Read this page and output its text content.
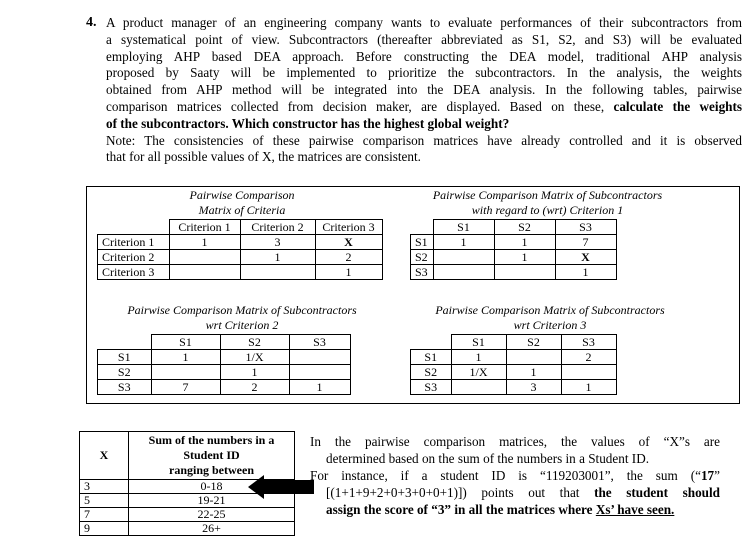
4. A product manager of an engineering company wants to evaluate performances of their subcontractors from

a systematical point of view. Subcontractors (thereafter abbreviated as S1, S2, and S3) will be evaluated

employing AHP based DEA approach. Before constructing the DEA model, traditional AHP analysis

proposed by Saaty will be implemented to prioritize the subcontractors. In the analysis, the weights

obtained from AHP method will be integrated into the DEA analysis. In the following tables, pairwise

comparison matrices collected from decision maker, are displayed. Based on these, calculate the weights

of the subcontractors. Which constructor has the highest global weight?

Note: The consistencies of these pairwise comparison matrices have already controlled and it is observed

that for all possible values of X, the matrices are consistent.

Pairwise Comparison
Matrix of Criteria
	Criterion 1	Criterion 2	Criterion 3
Criterion 1	1	3	X
Criterion 2		1	2
Criterion 3			1
Pairwise Comparison Matrix of Subcontractors
with regard to (wrt) Criterion 1
	S1	S2	S3
S1	1	1	7
S2		1	X
S3			1
Pairwise Comparison Matrix of Subcontractors
wrt Criterion 2
	S1	S2	S3
S1	1	1/X	
S2		1	
S3	7	2	1
Pairwise Comparison Matrix of Subcontractors
wrt Criterion 3
	S1	S2	S3
S1	1		2
S2	1/X	1	
S3		3	1
X	Sum of the numbers in a
Student ID
ranging between

3	0-18
5	19-21
7	22-25
9	26+

In the pairwise comparison matrices, the values of “X”s are

determined based on the sum of the numbers in a Student ID.

For instance, if a student ID is “119203001”, the sum (“17”

[(1+1+9+2+0+3+0+0+1)]) points out that the student should

assign the score of “3” in all the matrices where Xs’ have seen.
